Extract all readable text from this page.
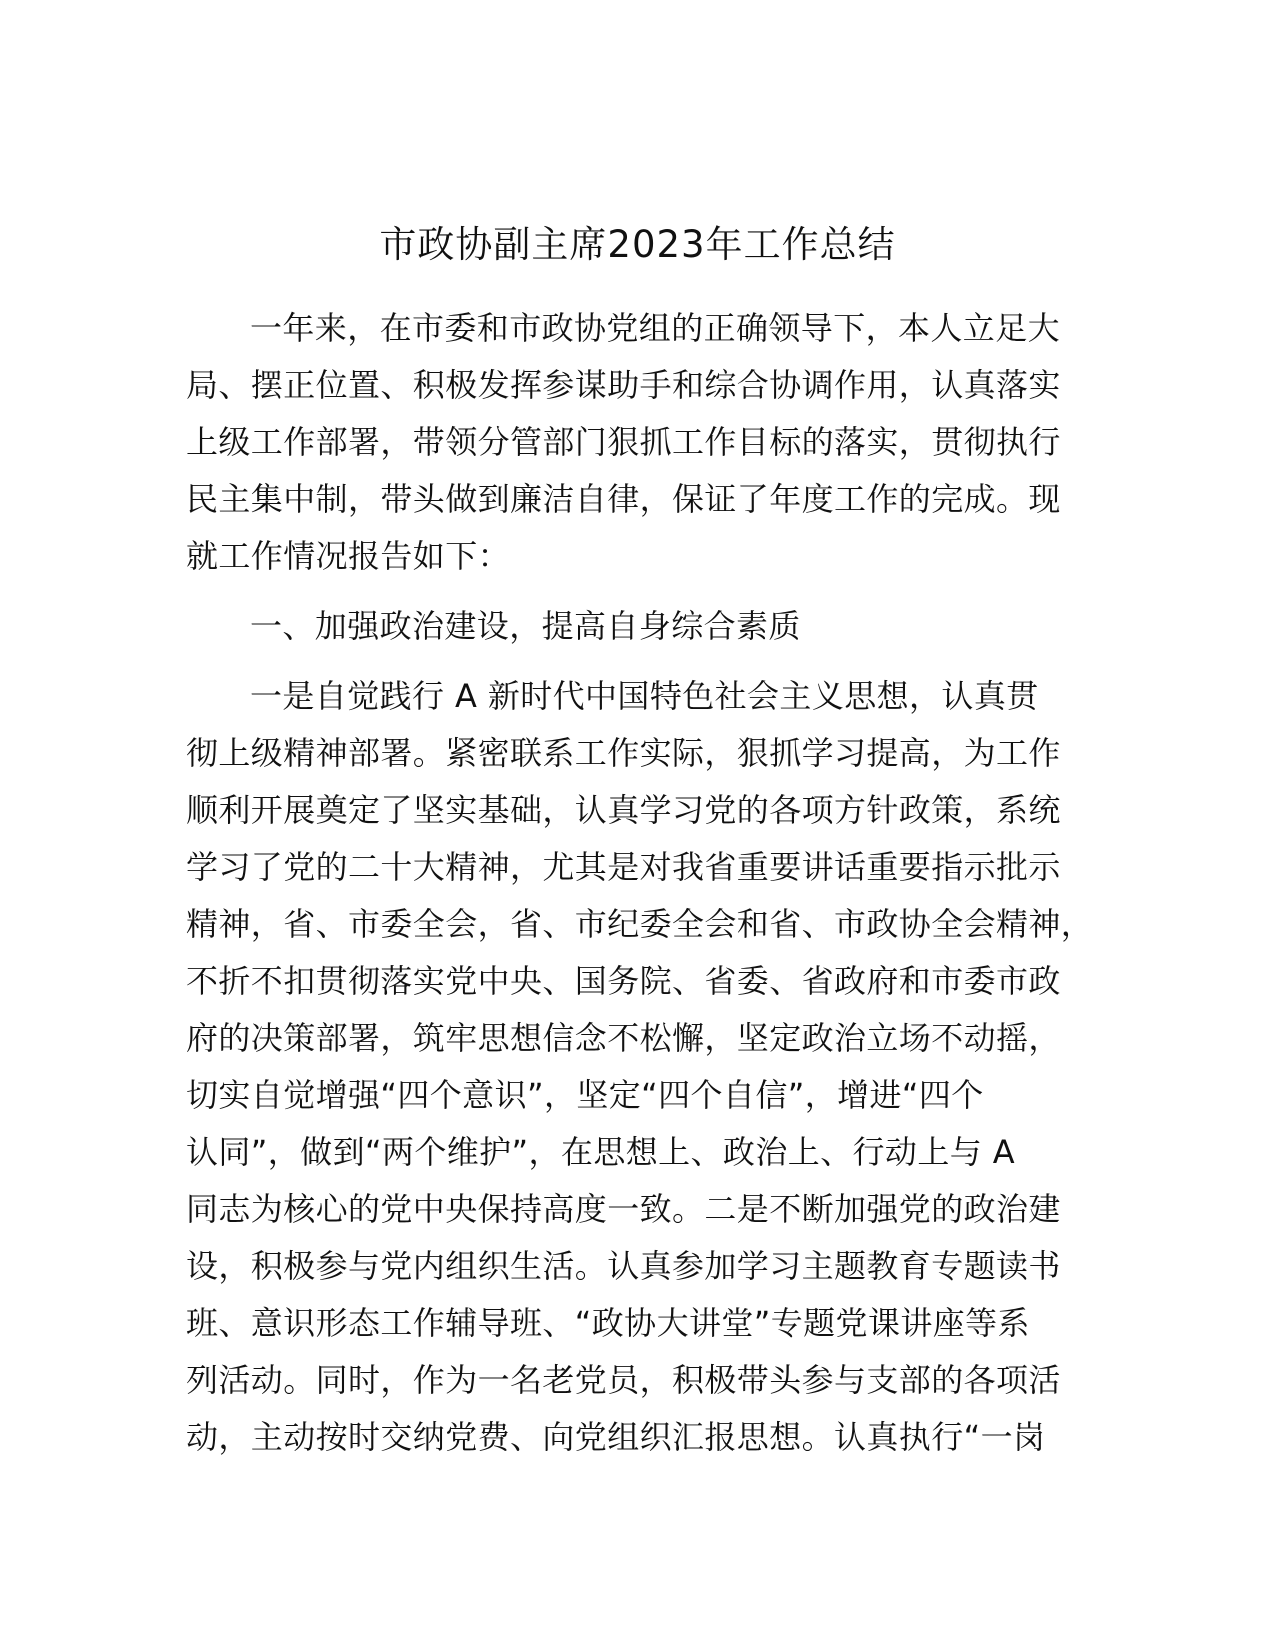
市政协副主席2023年工作总结
一年来，在市委和市政协党组的正确领导下，本人立足大
局、摆正位置、积极发挥参谋助手和综合协调作用，认真落实
上级工作部署，带领分管部门狠抓工作目标的落实，贯彻执行
民主集中制，带头做到廉洁自律，保证了年度工作的完成。现
就工作情况报告如下：
一、加强政治建设，提高自身综合素质
一是自觉践行 A 新时代中国特色社会主义思想，认真贯
彻上级精神部署。紧密联系工作实际，狠抓学习提高，为工作
顺利开展奠定了坚实基础，认真学习党的各项方针政策，系统
学习了党的二十大精神，尤其是对我省重要讲话重要指示批示
精神，省、市委全会，省、市纪委全会和省、市政协全会精神，
不折不扣贯彻落实党中央、国务院、省委、省政府和市委市政
府的决策部署，筑牢思想信念不松懈，坚定政治立场不动摇，
切实自觉增强“四个意识”，坚定“四个自信”，增进“四个
认同”，做到“两个维护”，在思想上、政治上、行动上与 A
同志为核心的党中央保持高度一致。二是不断加强党的政治建
设，积极参与党内组织生活。认真参加学习主题教育专题读书
班、意识形态工作辅导班、“政协大讲堂”专题党课讲座等系
列活动。同时，作为一名老党员，积极带头参与支部的各项活
动，主动按时交纳党费、向党组织汇报思想。认真执行“一岗
